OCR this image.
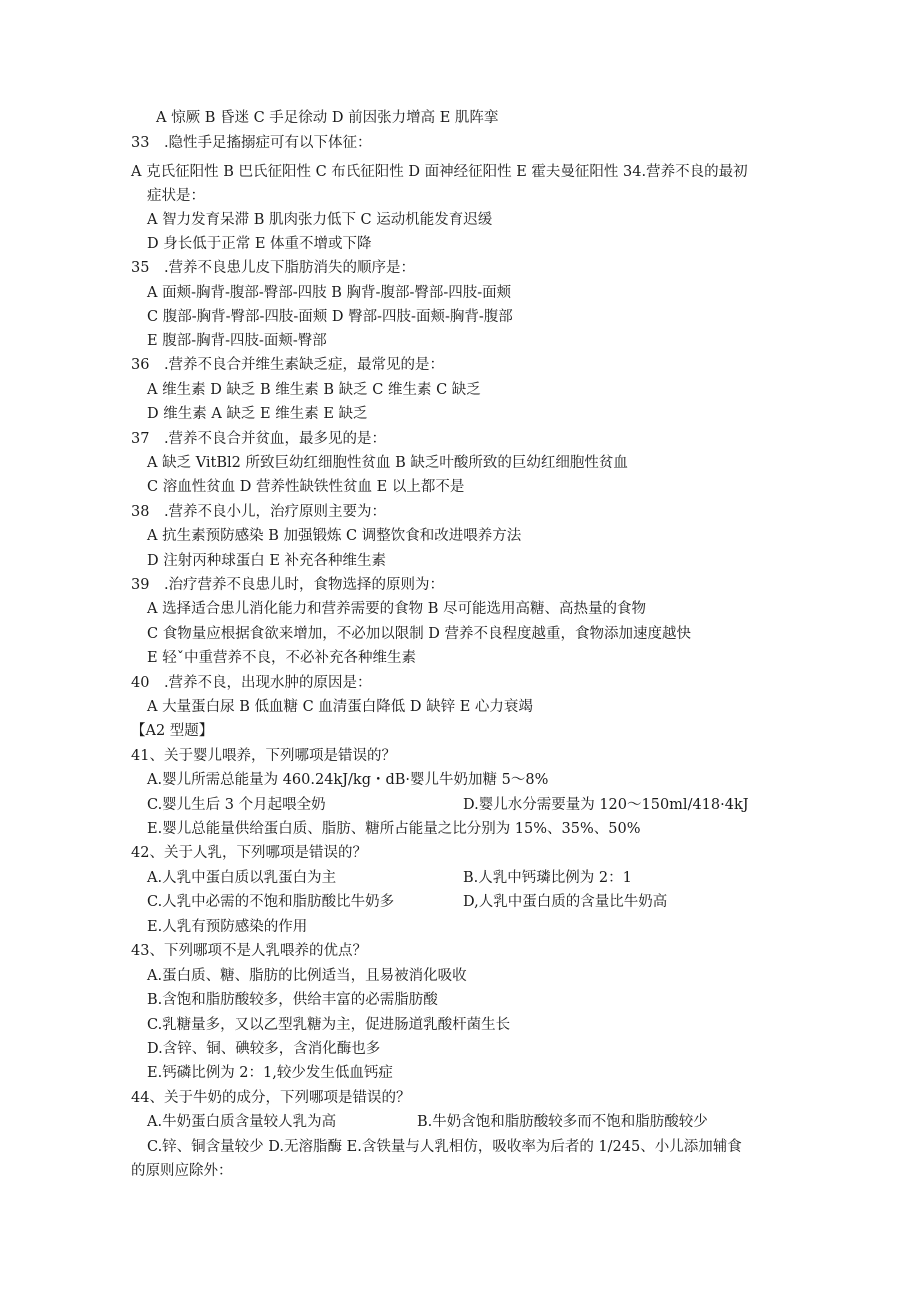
A 惊厥 B 昏迷 C 手足徐动 D 前因张力增高 E 肌阵挛
33　.隐性手足搐搦症可有以下体征：
A 克氏征阳性 B 巴氏征阳性 C 布氏征阳性 D 面神经征阳性 E 霍夫曼征阳性 34.营养不良的最初
症状是：
A 智力发育呆滞 B 肌肉张力低下 C 运动机能发育迟缓
D 身长低于正常 E 体重不增或下降
35　.营养不良患儿皮下脂肪消失的顺序是：
A 面颊-胸背-腹部-臀部-四肢 B 胸背-腹部-臀部-四肢-面颊
C 腹部-胸背-臀部-四肢-面颊 D 臀部-四肢-面颊-胸背-腹部
E 腹部-胸背-四肢-面颊-臀部
36　.营养不良合并维生素缺乏症，最常见的是：
A 维生素 D 缺乏 B 维生素 B 缺乏 C 维生素 C 缺乏
D 维生素 A 缺乏 E 维生素 E 缺乏
37　.营养不良合并贫血，最多见的是：
A 缺乏 VitBl2 所致巨幼红细胞性贫血 B 缺乏叶酸所致的巨幼红细胞性贫血
C 溶血性贫血 D 营养性缺铁性贫血 E 以上都不是
38　.营养不良小儿，治疗原则主要为：
A 抗生素预防感染 B 加强锻炼 C 调整饮食和改进喂养方法
D 注射丙种球蛋白 E 补充各种维生素
39　.治疗营养不良患儿时，食物选择的原则为：
A 选择适合患儿消化能力和营养需要的食物 B 尽可能选用高糖、高热量的食物
C 食物量应根据食欲来增加，不必加以限制 D 营养不良程度越重，食物添加速度越快
E 轻ˇ中重营养不良，不必补充各种维生素
40　.营养不良，出现水肿的原因是：
A 大量蛋白尿 B 低血糖 C 血清蛋白降低 D 缺锌 E 心力衰竭
【A2 型题】
41、关于婴儿喂养，下列哪项是错误的？
A.婴儿所需总能量为 460.24kJ/kg・dB·婴儿牛奶加糖 5～8%
C.婴儿生后 3 个月起喂全奶	D.婴儿水分需要量为 120～150ml/418·4kJ
E.婴儿总能量供给蛋白质、脂肪、糖所占能量之比分别为 15%、35%、50%
42、关于人乳，下列哪项是错误的？
A.人乳中蛋白质以乳蛋白为主	B.人乳中钙璘比例为 2：1
C.人乳中必需的不饱和脂肪酸比牛奶多	D,人乳中蛋白质的含量比牛奶高
E.人乳有预防感染的作用
43、下列哪项不是人乳喂养的优点？
A.蛋白质、糖、脂肪的比例适当，且易被消化吸收
B.含饱和脂肪酸较多，供给丰富的必需脂肪酸
C.乳糖量多，又以乙型乳糖为主，促进肠道乳酸杆菌生长
D.含锌、铜、碘较多，含消化酶也多
E.钙磷比例为 2：1,较少发生低血钙症
44、关于牛奶的成分，下列哪项是错误的？
A.牛奶蛋白质含量较人乳为高	B.牛奶含饱和脂肪酸较多而不饱和脂肪酸较少
C.锌、铜含量较少 D.无溶脂酶 E.含铁量与人乳相仿，吸收率为后者的 1/245、小儿添加辅食
的原则应除外：
